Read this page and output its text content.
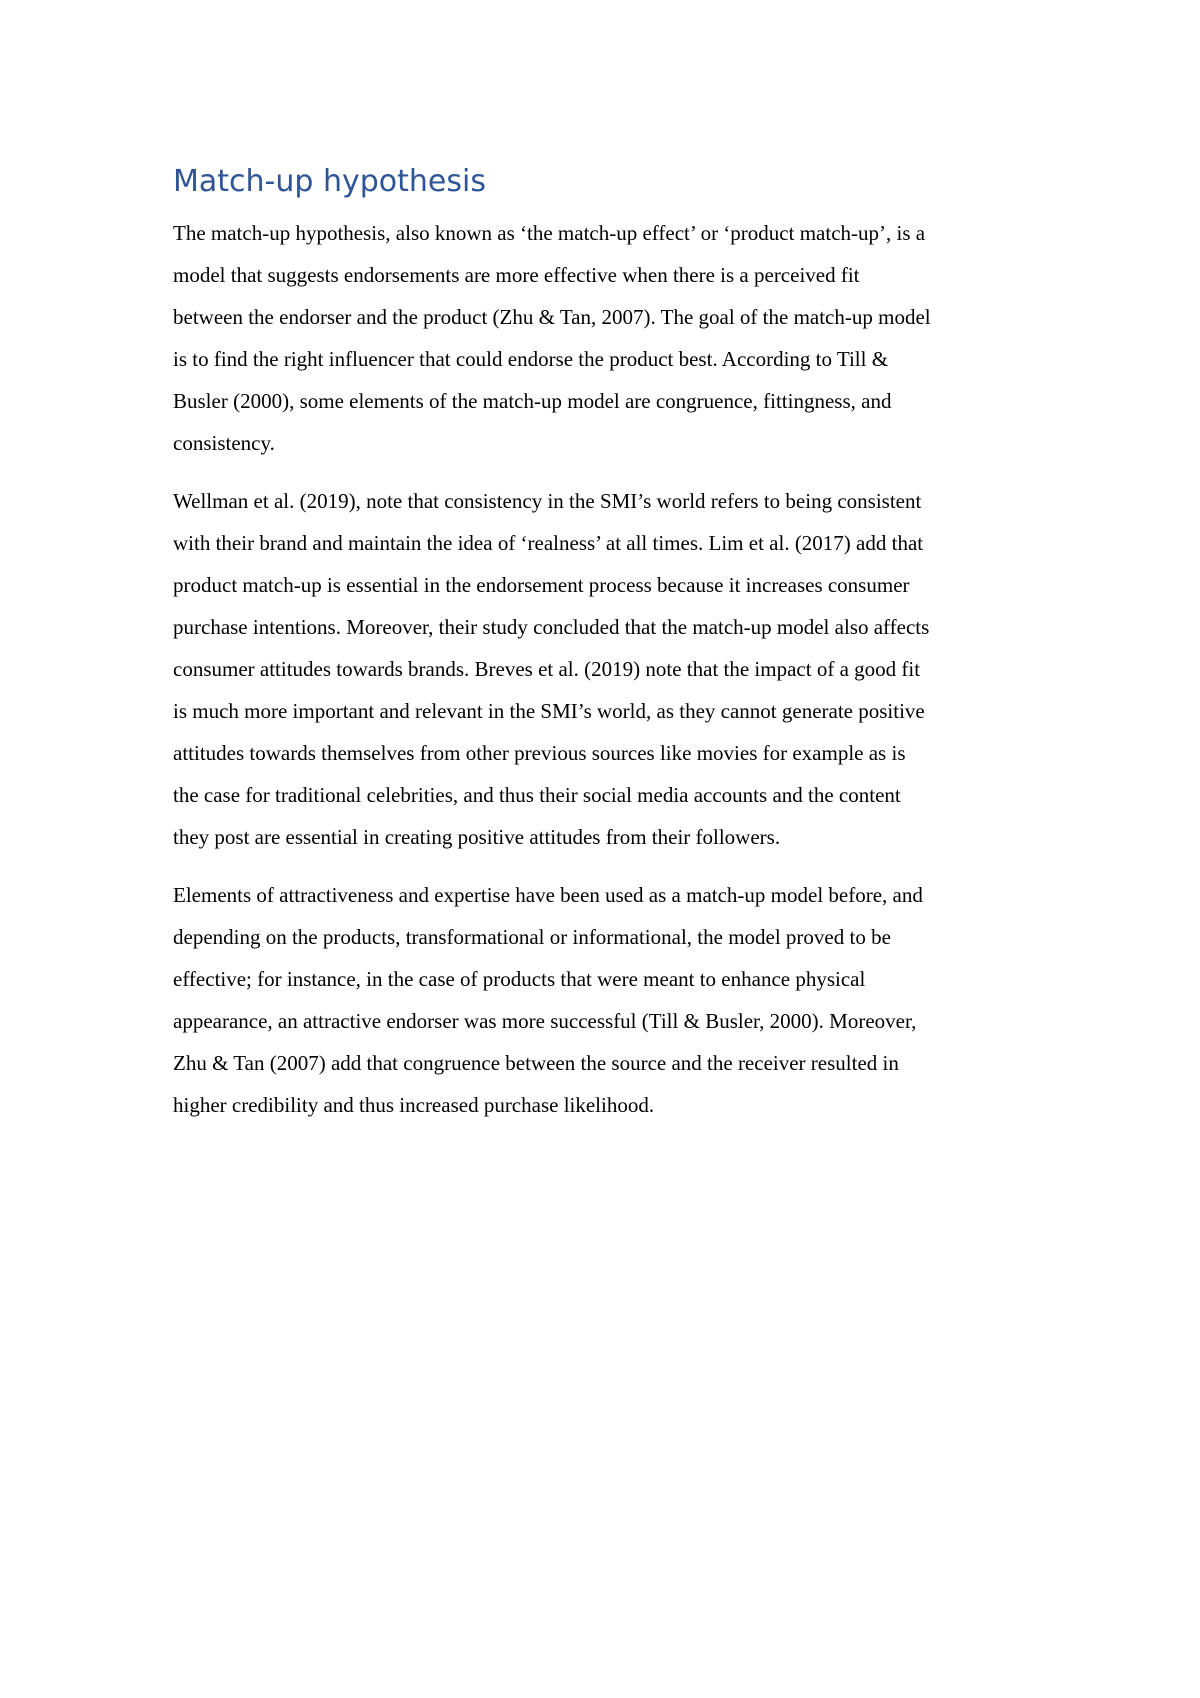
Match-up hypothesis

The match-up hypothesis, also known as ‘the match-up effect’ or ‘product match-up’, is a
model that suggests endorsements are more effective when there is a perceived fit
between the endorser and the product (Zhu & Tan, 2007). The goal of the match-up model
is to find the right influencer that could endorse the product best. According to Till &
Busler (2000), some elements of the match-up model are congruence, fittingness, and
consistency.

Wellman et al. (2019), note that consistency in the SMI’s world refers to being consistent
with their brand and maintain the idea of ‘realness’ at all times. Lim et al. (2017) add that
product match-up is essential in the endorsement process because it increases consumer
purchase intentions. Moreover, their study concluded that the match-up model also affects
consumer attitudes towards brands. Breves et al. (2019) note that the impact of a good fit
is much more important and relevant in the SMI’s world, as they cannot generate positive
attitudes towards themselves from other previous sources like movies for example as is
the case for traditional celebrities, and thus their social media accounts and the content
they post are essential in creating positive attitudes from their followers.

Elements of attractiveness and expertise have been used as a match-up model before, and
depending on the products, transformational or informational, the model proved to be
effective; for instance, in the case of products that were meant to enhance physical
appearance, an attractive endorser was more successful (Till & Busler, 2000). Moreover,
Zhu & Tan (2007) add that congruence between the source and the receiver resulted in
higher credibility and thus increased purchase likelihood.
